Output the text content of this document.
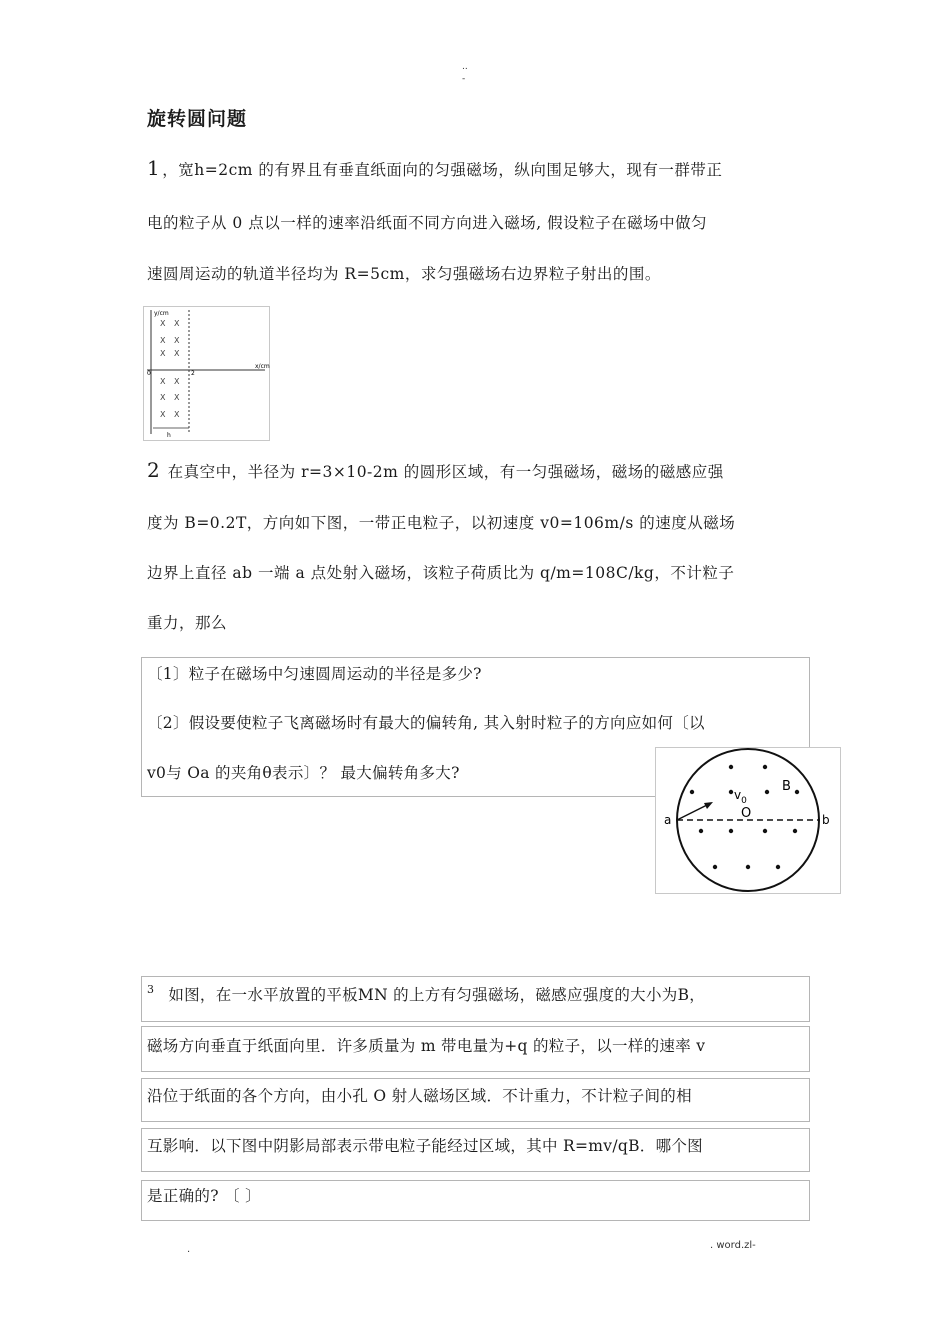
..
-
旋转圆问题
1 ，宽h=2cm 的有界且有垂直纸面向的匀强磁场，纵向围足够大，现有一群带正
电的粒子从 0 点以一样的速率沿纸面不同方向进入磁场, 假设粒子在磁场中做匀
速圆周运动的轨道半径均为 R=5cm，求匀强磁场右边界粒子射出的围。
y/cm
x/cm
0	2
X X
X X
X X
X X
X X
X X
h
2 在真空中，半径为 r=3×10-2m 的圆形区域，有一匀强磁场，磁场的磁感应强
度为 B=0.2T，方向如下图，一带正电粒子，以初速度 v0=106m/s 的速度从磁场
边界上直径 ab 一端 a 点处射入磁场，该粒子荷质比为 q/m=108C/kg，不计粒子
重力，那么
〔1〕粒子在磁场中匀速圆周运动的半径是多少?
〔2〕假设要使粒子飞离磁场时有最大的偏转角, 其入射时粒子的方向应如何〔以
v0与 Oa 的夹角θ表示〕？ 最大偏转角多大?
a	b
O
$v_0$
B
$^3$ 如图，在一水平放置的平板MN 的上方有匀强磁场，磁感应强度的大小为B，
磁场方向垂直于纸面向里．许多质量为 m 带电量为+q 的粒子，以一样的速率 v
沿位于纸面的各个方向，由小孔 O 射人磁场区域．不计重力，不计粒子间的相
互影响．以下图中阴影局部表示带电粒子能经过区域，其中 R=mv/qB．哪个图
是正确的? 〔 〕
.	. word.zl-
